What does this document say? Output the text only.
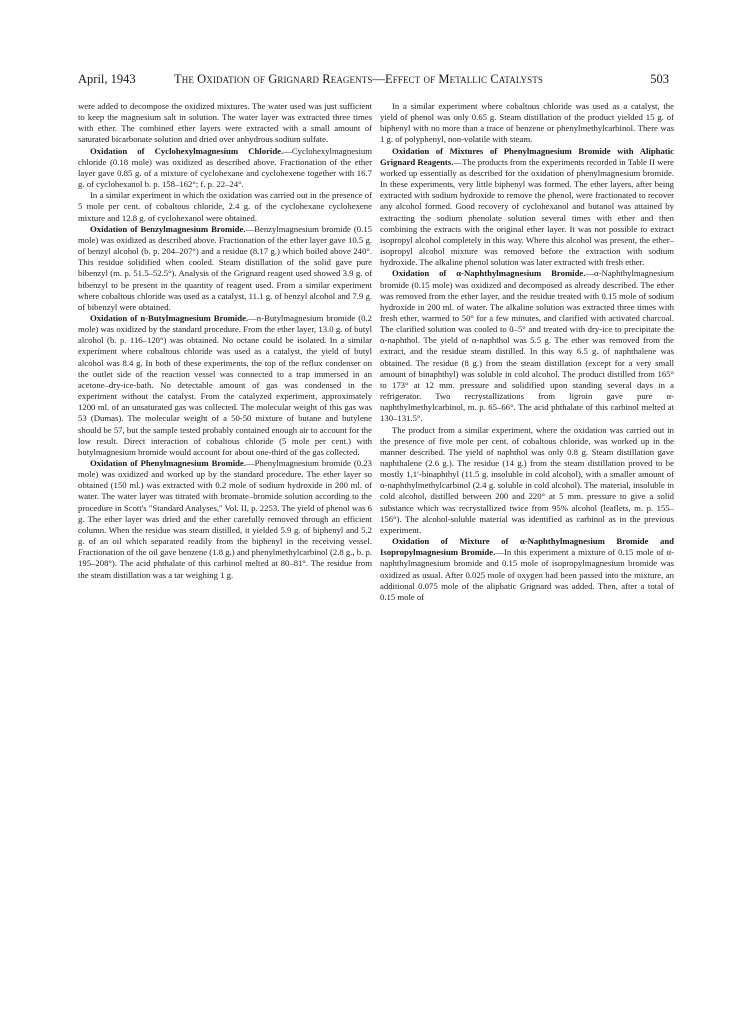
April, 1943	The Oxidation of Grignard Reagents—Effect of Metallic Catalysts	503

were added to decompose the oxidized mixtures. The water used was just sufficient to keep the magnesium salt in solution. The water layer was extracted three times with ether. The combined ether layers were extracted with a small amount of saturated bicarbonate solution and dried over anhydrous sodium sulfate.

Oxidation of Cyclohexylmagnesium Chloride.—Cyclohexylmagnesium chloride (0.18 mole) was oxidized as described above. Fractionation of the ether layer gave 0.85 g. of a mixture of cyclohexane and cyclohexene together with 16.7 g. of cyclohexanol b. p. 158–162°; f. p. 22–24°.

In a similar experiment in which the oxidation was carried out in the presence of 5 mole per cent. of cobaltous chloride, 2.4 g. of the cyclohexane cyclohexene mixture and 12.8 g. of cyclohexanol were obtained.

Oxidation of Benzylmagnesium Bromide.—Benzylmagnesium bromide (0.15 mole) was oxidized as described above. Fractionation of the ether layer gave 10.5 g. of benzyl alcohol (b. p. 204–207°) and a residue (8.17 g.) which boiled above 240°. This residue solidified when cooled. Steam distillation of the solid gave pure bibenzyl (m. p. 51.5–52.5°). Analysis of the Grignard reagent used showed 3.9 g. of bibenzyl to be present in the quantity of reagent used. From a similar experiment where cobaltous chloride was used as a catalyst, 11.1 g. of benzyl alcohol and 7.9 g. of bibenzyl were obtained.

Oxidation of n-Butylmagnesium Bromide.—n-Butylmagnesium bromide (0.2 mole) was oxidized by the standard procedure. From the ether layer, 13.0 g. of butyl alcohol (b. p. 116–120°) was obtained. No octane could be isolated. In a similar experiment where cobaltous chloride was used as a catalyst, the yield of butyl alcohol was 8.4 g. In both of these experiments, the top of the reflux condenser on the outlet side of the reaction vessel was connected to a trap immersed in an acetone–dry-ice-bath. No detectable amount of gas was condensed in the experiment without the catalyst. From the catalyzed experiment, approximately 1200 ml. of an unsaturated gas was collected. The molecular weight of this gas was 53 (Dumas). The molecular weight of a 50-50 mixture of butane and butylene should be 57, but the sample tested probably contained enough air to account for the low result. Direct interaction of cobaltous chloride (5 mole per cent.) with butylmagnesium bromide would account for about one-third of the gas collected.

Oxidation of Phenylmagnesium Bromide.—Phenylmagnesium bromide (0.23 mole) was oxidized and worked up by the standard procedure. The ether layer so obtained (150 ml.) was extracted with 0.2 mole of sodium hydroxide in 200 ml. of water. The water layer was titrated with bromate–bromide solution according to the procedure in Scott's "Standard Analyses," Vol. II, p. 2253. The yield of phenol was 6 g. The ether layer was dried and the ether carefully removed through an efficient column. When the residue was steam distilled, it yielded 5.9 g. of biphenyl and 5.2 g. of an oil which separated readily from the biphenyl in the receiving vessel. Fractionation of the oil gave benzene (1.8 g.) and phenylmethylcarbinol (2.8 g., b. p. 195–208°). The acid phthalate of this carbinol melted at 80–81°. The residue from the steam distillation was a tar weighing 1 g.

In a similar experiment where cobaltous chloride was used as a catalyst, the yield of phenol was only 0.65 g. Steam distillation of the product yielded 15 g. of biphenyl with no more than a trace of benzene or phenylmethylcarbinol. There was 1 g. of polyphenyl, non-volatile with steam.

Oxidation of Mixtures of Phenylmagnesium Bromide with Aliphatic Grignard Reagents.—The products from the experiments recorded in Table II were worked up essentially as described for the oxidation of phenylmagnesium bromide. In these experiments, very little biphenyl was formed. The ether layers, after being extracted with sodium hydroxide to remove the phenol, were fractionated to recover any alcohol formed. Good recovery of cyclohexanol and butanol was attained by extracting the sodium phenolate solution several times with ether and then combining the extracts with the original ether layer. It was not possible to extract isopropyl alcohol completely in this way. Where this alcohol was present, the ether–isopropyl alcohol mixture was removed before the extraction with sodium hydroxide. The alkaline phenol solution was later extracted with fresh ether.

Oxidation of α-Naphthylmagnesium Bromide.—α-Naphthylmagnesium bromide (0.15 mole) was oxidized and decomposed as already described. The ether was removed from the ether layer, and the residue treated with 0.15 mole of sodium hydroxide in 200 ml. of water. The alkaline solution was extracted three times with fresh ether, warmed to 50° for a few minutes, and clarified with activated charcoal. The clarified solution was cooled to 0–5° and treated with dry-ice to precipitate the α-naphthol. The yield of α-naphthol was 5.5 g. The ether was removed from the extract, and the residue steam distilled. In this way 6.5 g. of naphthalene was obtained. The residue (8 g.) from the steam distillation (except for a very small amount of binaphthyl) was soluble in cold alcohol. The product distilled from 165° to 173° at 12 mm. pressure and solidified upon standing several days in a refrigerator. Two recrystallizations from ligroin gave pure α-naphthylmethylcarbinol, m. p. 65–66°. The acid phthalate of this carbinol melted at 130–131.5°.

The product from a similar experiment, where the oxidation was carried out in the presence of five mole per cent. of cobaltous chloride, was worked up in the manner described. The yield of naphthol was only 0.8 g. Steam distillation gave naphthalene (2.6 g.). The residue (14 g.) from the steam distillation proved to be mostly 1,1′-binaphthyl (11.5 g. insoluble in cold alcohol), with a smaller amount of α-naphthylmethylcarbinol (2.4 g. soluble in cold alcohol). The material, insoluble in cold alcohol, distilled between 200 and 220° at 5 mm. pressure to give a solid substance which was recrystallized twice from 95% alcohol (leaflets, m. p. 155–156°). The alcohol-soluble material was identified as carbinol as in the previous experiment.

Oxidation of Mixture of α-Naphthylmagnesium Bromide and Isopropylmagnesium Bromide.—In this experiment a mixture of 0.15 mole of α-naphthylmagnesium bromide and 0.15 mole of isopropylmagnesium bromide was oxidized as usual. After 0.025 mole of oxygen had been passed into the mixture, an additional 0.075 mole of the aliphatic Grignard was added. Then, after a total of 0.15 mole of
